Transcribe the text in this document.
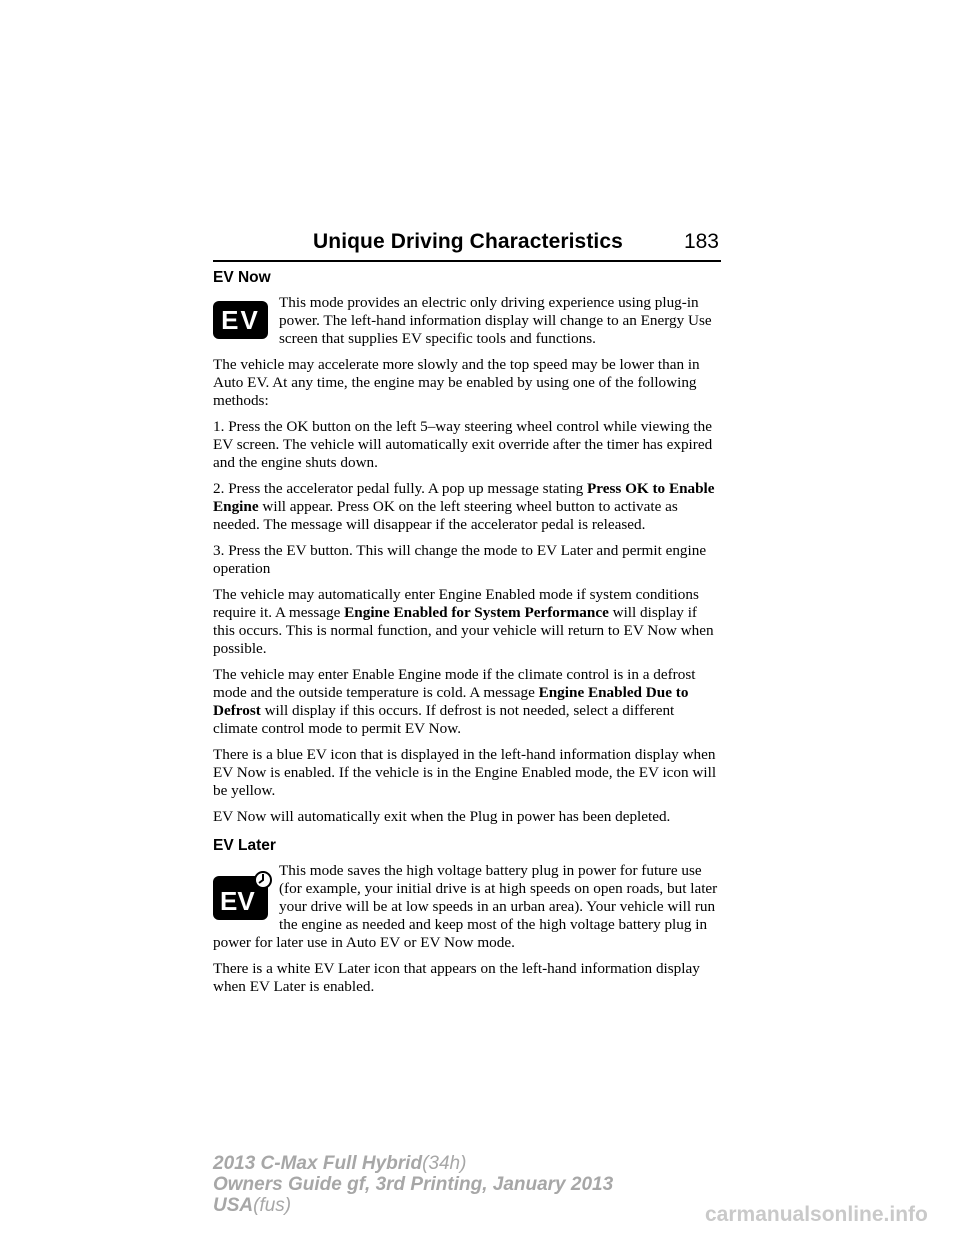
Unique Driving Characteristics	183
EV Now
EV

This mode provides an electric only driving experience using plug-in power. The left-hand information display will change to an Energy Use screen that supplies EV specific tools and functions.

The vehicle may accelerate more slowly and the top speed may be lower than in Auto EV. At any time, the engine may be enabled by using one of the following methods:

1. Press the OK button on the left 5–way steering wheel control while viewing the EV screen. The vehicle will automatically exit override after the timer has expired and the engine shuts down.

2. Press the accelerator pedal fully. A pop up message stating Press OK to Enable Engine will appear. Press OK on the left steering wheel button to activate as needed. The message will disappear if the accelerator pedal is released.

3. Press the EV button. This will change the mode to EV Later and permit engine operation

The vehicle may automatically enter Engine Enabled mode if system conditions require it. A message Engine Enabled for System Performance will display if this occurs. This is normal function, and your vehicle will return to EV Now when possible.

The vehicle may enter Enable Engine mode if the climate control is in a defrost mode and the outside temperature is cold. A message Engine Enabled Due to Defrost will display if this occurs. If defrost is not needed, select a different climate control mode to permit EV Now.

There is a blue EV icon that is displayed in the left-hand information display when EV Now is enabled. If the vehicle is in the Engine Enabled mode, the EV icon will be yellow.

EV Now will automatically exit when the Plug in power has been depleted.

EV Later
EV

This mode saves the high voltage battery plug in power for future use (for example, your initial drive is at high speeds on open roads, but later your drive will be at low speeds in an urban area). Your vehicle will run the engine as needed and keep most of the high voltage battery plug in power for later use in Auto EV or EV Now mode.

There is a white EV Later icon that appears on the left-hand information display when EV Later is enabled.

2013 C-Max Full Hybrid(34h)
Owners Guide gf, 3rd Printing, January 2013
USA(fus)	carmanualsonline.info
